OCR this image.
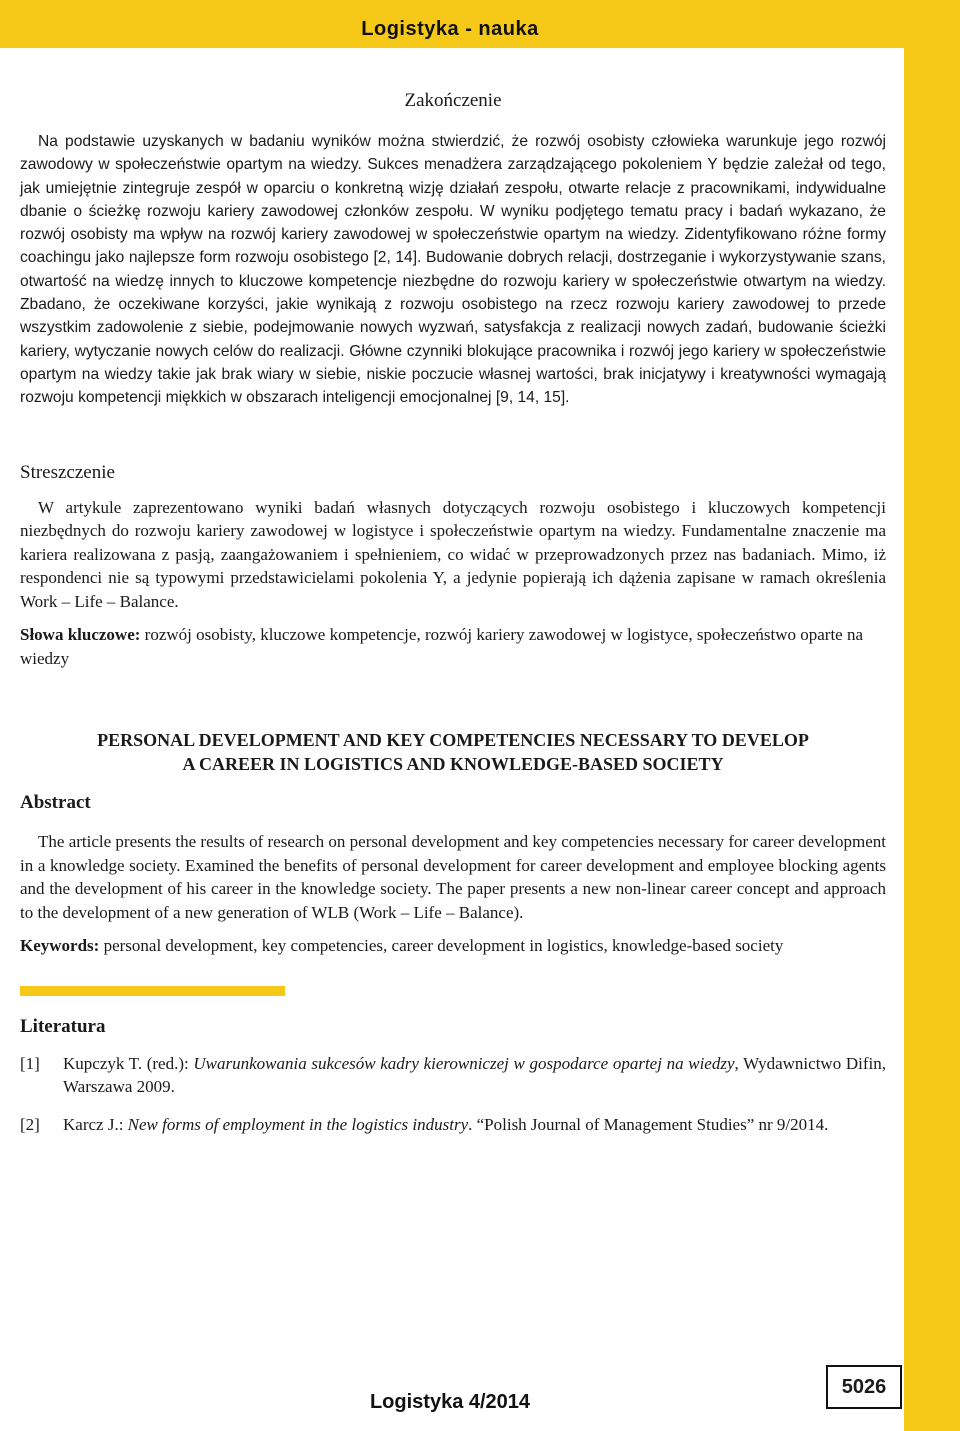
Logistyka - nauka
Zakończenie

Na podstawie uzyskanych w badaniu wyników można stwierdzić, że rozwój osobisty człowieka warunkuje jego rozwój zawodowy w społeczeństwie opartym na wiedzy. Sukces menadżera zarządzającego pokoleniem Y będzie zależał od tego, jak umiejętnie zintegruje zespół w oparciu o konkretną wizję działań zespołu, otwarte relacje z pracownikami, indywidualne dbanie o ścieżkę rozwoju kariery zawodowej członków zespołu. W wyniku podjętego tematu pracy i badań wykazano, że rozwój osobisty ma wpływ na rozwój kariery zawodowej w społeczeństwie opartym na wiedzy. Zidentyfikowano różne formy coachingu jako najlepsze form rozwoju osobistego [2, 14]. Budowanie dobrych relacji, dostrzeganie i wykorzystywanie szans, otwartość na wiedzę innych to kluczowe kompetencje niezbędne do rozwoju kariery w społeczeństwie otwartym na wiedzy. Zbadano, że oczekiwane korzyści, jakie wynikają z rozwoju osobistego na rzecz rozwoju kariery zawodowej to przede wszystkim zadowolenie z siebie, podejmowanie nowych wyzwań, satysfakcja z realizacji nowych zadań, budowanie ścieżki kariery, wytyczanie nowych celów do realizacji. Główne czynniki blokujące pracownika i rozwój jego kariery w społeczeństwie opartym na wiedzy takie jak brak wiary w siebie, niskie poczucie własnej wartości, brak inicjatywy i kreatywności wymagają rozwoju kompetencji miękkich w obszarach inteligencji emocjonalnej [9, 14, 15].

Streszczenie

W artykule zaprezentowano wyniki badań własnych dotyczących rozwoju osobistego i kluczowych kompetencji niezbędnych do rozwoju kariery zawodowej w logistyce i społeczeństwie opartym na wiedzy. Fundamentalne znaczenie ma kariera realizowana z pasją, zaangażowaniem i spełnieniem, co widać w przeprowadzonych przez nas badaniach. Mimo, iż respondenci nie są typowymi przedstawicielami pokolenia Y, a jedynie popierają ich dążenia zapisane w ramach określenia Work – Life – Balance.

Słowa kluczowe: rozwój osobisty, kluczowe kompetencje, rozwój kariery zawodowej w logistyce, społeczeństwo oparte na wiedzy

PERSONAL DEVELOPMENT AND KEY COMPETENCIES NECESSARY TO DEVELOP

A CAREER IN LOGISTICS AND KNOWLEDGE-BASED SOCIETY

Abstract

The article presents the results of research on personal development and key competencies necessary for career development in a knowledge society. Examined the benefits of personal development for career development and employee blocking agents and the development of his career in the knowledge society. The paper presents a new non-linear career concept and approach to the development of a new generation of WLB (Work – Life – Balance).

Keywords: personal development, key competencies, career development in logistics, knowledge-based society

Literatura
[1]	Kupczyk T. (red.): Uwarunkowania sukcesów kadry kierowniczej w gospodarce opartej na wiedzy, Wydawnictwo Difin, Warszawa 2009.
[2]	Karcz J.: New forms of employment in the logistics industry. “Polish Journal of Management Studies” nr 9/2014.
5026
Logistyka 4/2014
